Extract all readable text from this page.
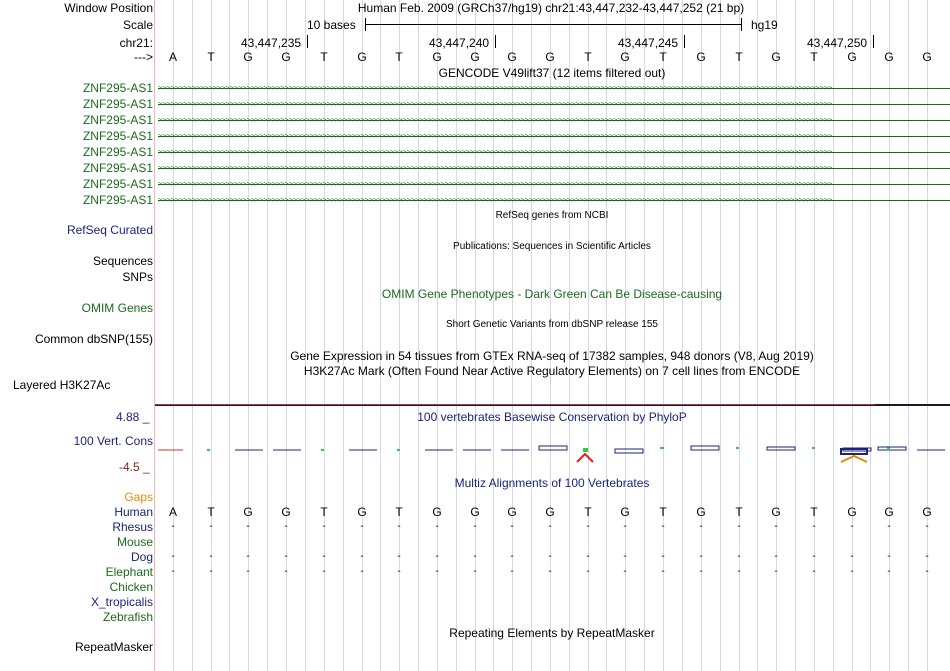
Window Position	Human Feb. 2009 (GRCh37/hg19) chr21:43,447,232-43,447,252 (21 bp)
Scale	10 bases	hg19
chr21:	43,447,235	43,447,240	43,447,245	43,447,250
--->	A	T	G	G	T	G	T	G	G	G	G	T	G	T	G	T	G	T	G	G	G
GENCODE V49lift37 (12 items filtered out)
ZNF295-AS1 >>>>>>>>>>>>>>>>>>>>>>>>>>>>>>>>>>>>>>>>>>>>>>>>>>>>>>>>>>>>>>>>>>>>>>>>>>>>>>>>>>>>>>>>>>>>>>>>>>>>>>>>>>>>>>>>>>>>>>>>>>>>>>>>>>>>>>>>>>>>>>>>>>>>>>>>>>>>>>>>
ZNF295-AS1 >>>>>>>>>>>>>>>>>>>>>>>>>>>>>>>>>>>>>>>>>>>>>>>>>>>>>>>>>>>>>>>>>>>>>>>>>>>>>>>>>>>>>>>>>>>>>>>>>>>>>>>>>>>>>>>>>>>>>>>>>>>>>>>>>>>>>>>>>>>>>>>>>>>>>>>>>>>>>>>>
ZNF295-AS1 >>>>>>>>>>>>>>>>>>>>>>>>>>>>>>>>>>>>>>>>>>>>>>>>>>>>>>>>>>>>>>>>>>>>>>>>>>>>>>>>>>>>>>>>>>>>>>>>>>>>>>>>>>>>>>>>>>>>>>>>>>>>>>>>>>>>>>>>>>>>>>>>>>>>>>>>>>>>>>>>
ZNF295-AS1 >>>>>>>>>>>>>>>>>>>>>>>>>>>>>>>>>>>>>>>>>>>>>>>>>>>>>>>>>>>>>>>>>>>>>>>>>>>>>>>>>>>>>>>>>>>>>>>>>>>>>>>>>>>>>>>>>>>>>>>>>>>>>>>>>>>>>>>>>>>>>>>>>>>>>>>>>>>>>>>>
ZNF295-AS1 >>>>>>>>>>>>>>>>>>>>>>>>>>>>>>>>>>>>>>>>>>>>>>>>>>>>>>>>>>>>>>>>>>>>>>>>>>>>>>>>>>>>>>>>>>>>>>>>>>>>>>>>>>>>>>>>>>>>>>>>>>>>>>>>>>>>>>>>>>>>>>>>>>>>>>>>>>>>>>>>
ZNF295-AS1 >>>>>>>>>>>>>>>>>>>>>>>>>>>>>>>>>>>>>>>>>>>>>>>>>>>>>>>>>>>>>>>>>>>>>>>>>>>>>>>>>>>>>>>>>>>>>>>>>>>>>>>>>>>>>>>>>>>>>>>>>>>>>>>>>>>>>>>>>>>>>>>>>>>>>>>>>>>>>>>>
ZNF295-AS1 >>>>>>>>>>>>>>>>>>>>>>>>>>>>>>>>>>>>>>>>>>>>>>>>>>>>>>>>>>>>>>>>>>>>>>>>>>>>>>>>>>>>>>>>>>>>>>>>>>>>>>>>>>>>>>>>>>>>>>>>>>>>>>>>>>>>>>>>>>>>>>>>>>>>>>>>>>>>>>>>
ZNF295-AS1 >>>>>>>>>>>>>>>>>>>>>>>>>>>>>>>>>>>>>>>>>>>>>>>>>>>>>>>>>>>>>>>>>>>>>>>>>>>>>>>>>>>>>>>>>>>>>>>>>>>>>>>>>>>>>>>>>>>>>>>>>>>>>>>>>>>>>>>>>>>>>>>>>>>>>>>>>>>>>>>>
RefSeq genes from NCBI
RefSeq Curated
Publications: Sequences in Scientific Articles
Sequences
SNPs
OMIM Gene Phenotypes - Dark Green Can Be Disease-causing
OMIM Genes
Short Genetic Variants from dbSNP release 155
Common dbSNP(155)
Gene Expression in 54 tissues from GTEx RNA-seq of 17382 samples, 948 donors (V8, Aug 2019)
H3K27Ac Mark (Often Found Near Active Regulatory Elements) on 7 cell lines from ENCODE
Layered H3K27Ac
100 vertebrates Basewise Conservation by PhyloP
4.88 _
100 Vert. Cons
-4.5 _
Multiz Alignments of 100 Vertebrates
Gaps
Human	A	T	G	G	T	G	T	G	G	G	G	T	G	T	G	T	G	T	G	G	G
Rhesus	-	-	-	-	-	-	-	-	-	-	-	-	-	-	-	-	-	-	-	-	-
Mouse
Dog	-	-	-	-	-	-	-	-	-	-	-	-	-	-	-	-	-	-	-	-	-
Elephant	-	-	-	-	-	-	-	-	-	-	-	-	-	-	-	-	-	-	-	-	-
Chicken
X_tropicalis
Zebrafish
Repeating Elements by RepeatMasker
RepeatMasker
